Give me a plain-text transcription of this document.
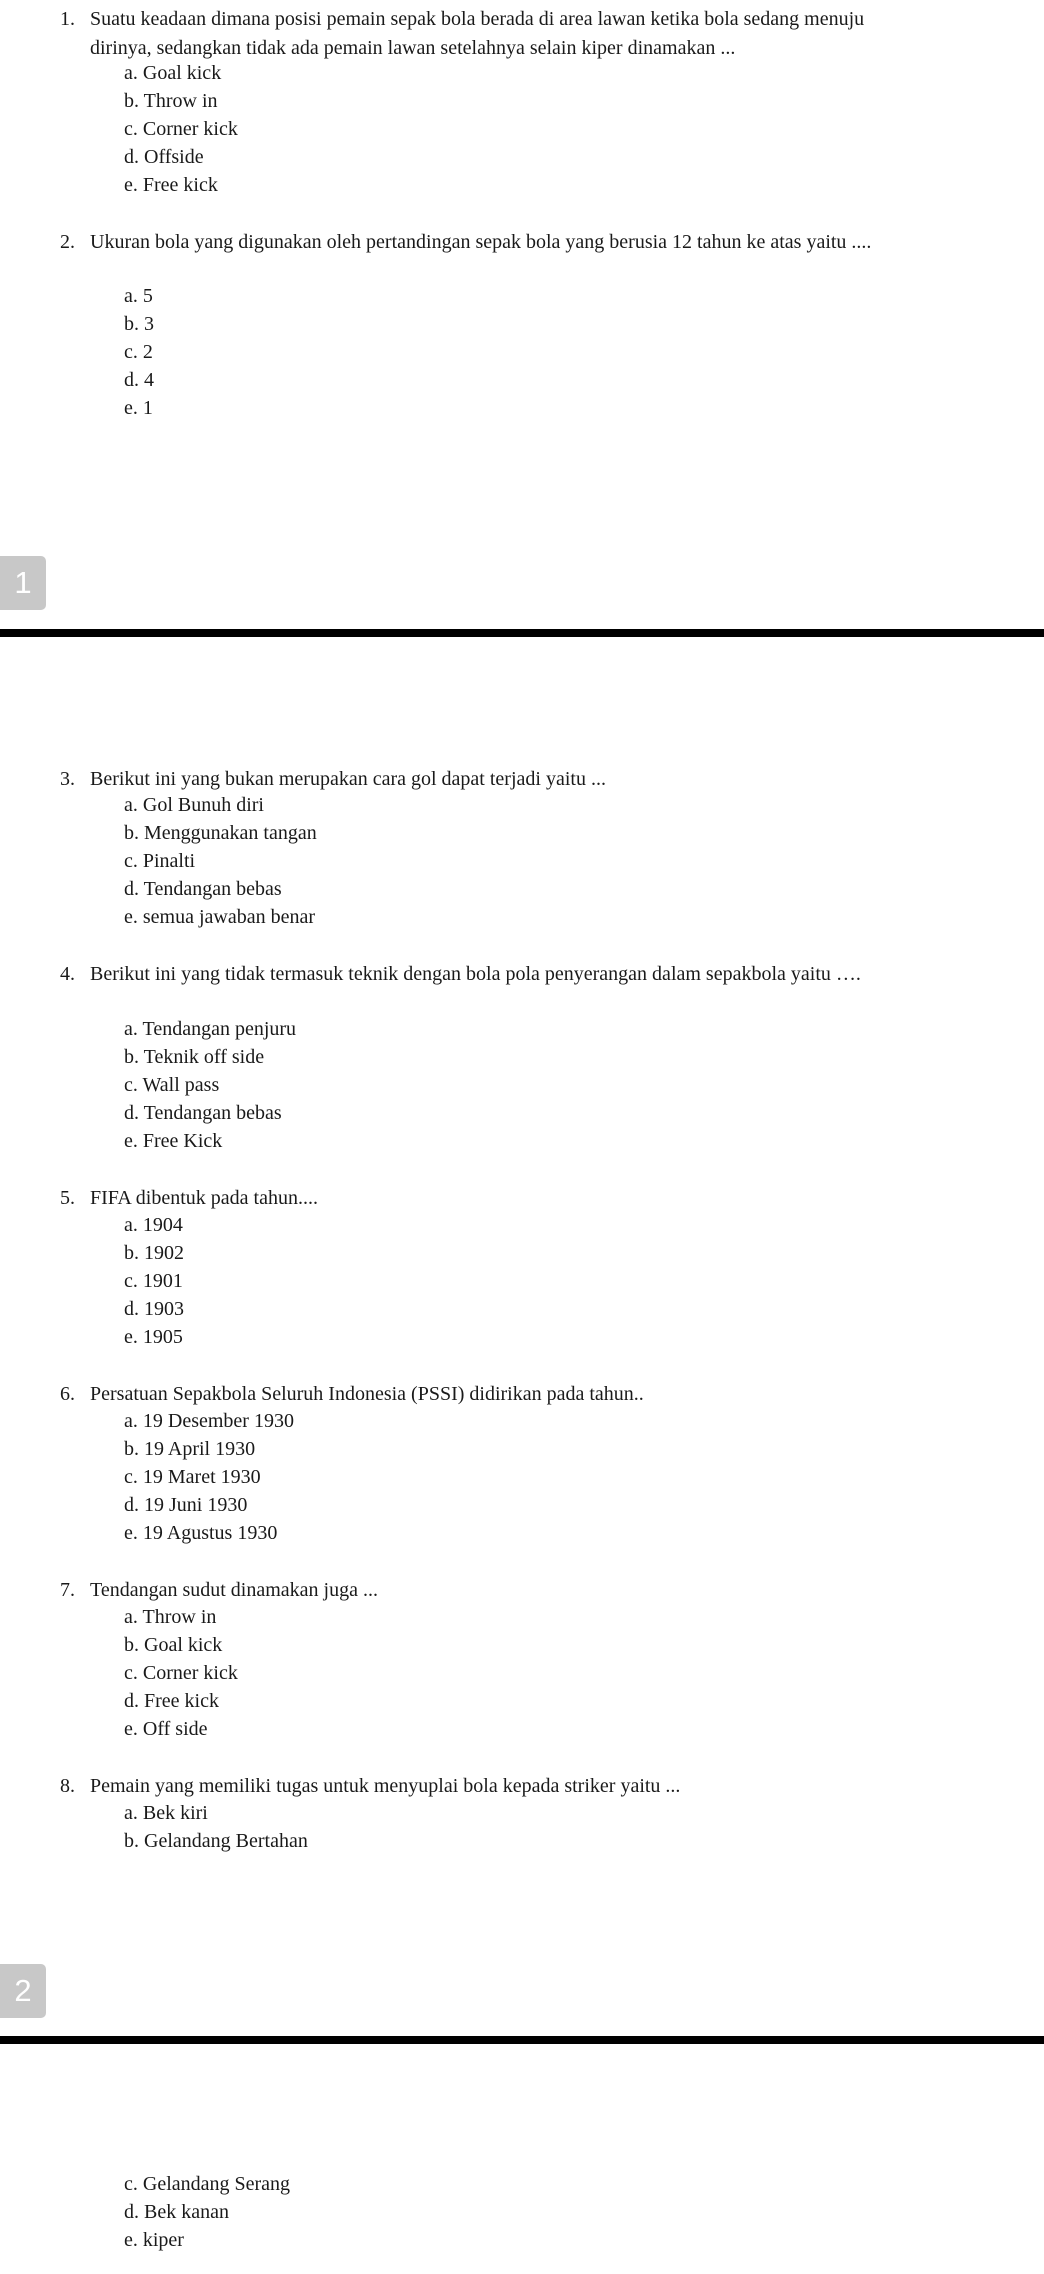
1. Suatu keadaan dimana posisi pemain sepak bola berada di area lawan ketika bola sedang menuju dirinya, sedangkan tidak ada pemain lawan setelahnya selain kiper dinamakan ...
a. Goal kick
b. Throw in
c. Corner kick
d. Offside
e. Free kick
2. Ukuran bola yang digunakan oleh pertandingan sepak bola yang berusia 12 tahun ke atas yaitu ....
a. 5
b. 3
c. 2
d. 4
e. 1
1
3. Berikut ini yang bukan merupakan cara gol dapat terjadi yaitu ...
a. Gol Bunuh diri
b. Menggunakan tangan
c. Pinalti
d. Tendangan bebas
e. semua jawaban benar
4. Berikut ini yang tidak termasuk teknik dengan bola pola penyerangan dalam sepakbola yaitu ….
a. Tendangan penjuru
b. Teknik off side
c. Wall pass
d. Tendangan bebas
e. Free Kick
5. FIFA dibentuk pada tahun....
a. 1904
b. 1902
c. 1901
d. 1903
e. 1905
6. Persatuan Sepakbola Seluruh Indonesia (PSSI) didirikan pada tahun..
a. 19 Desember 1930
b. 19 April 1930
c. 19 Maret 1930
d. 19 Juni 1930
e. 19 Agustus 1930
7. Tendangan sudut dinamakan juga ...
a. Throw in
b. Goal kick
c. Corner kick
d. Free kick
e. Off side
8. Pemain yang memiliki tugas untuk menyuplai bola kepada striker yaitu ...
a. Bek kiri
b. Gelandang Bertahan
2
c. Gelandang Serang
d. Bek kanan
e. kiper
